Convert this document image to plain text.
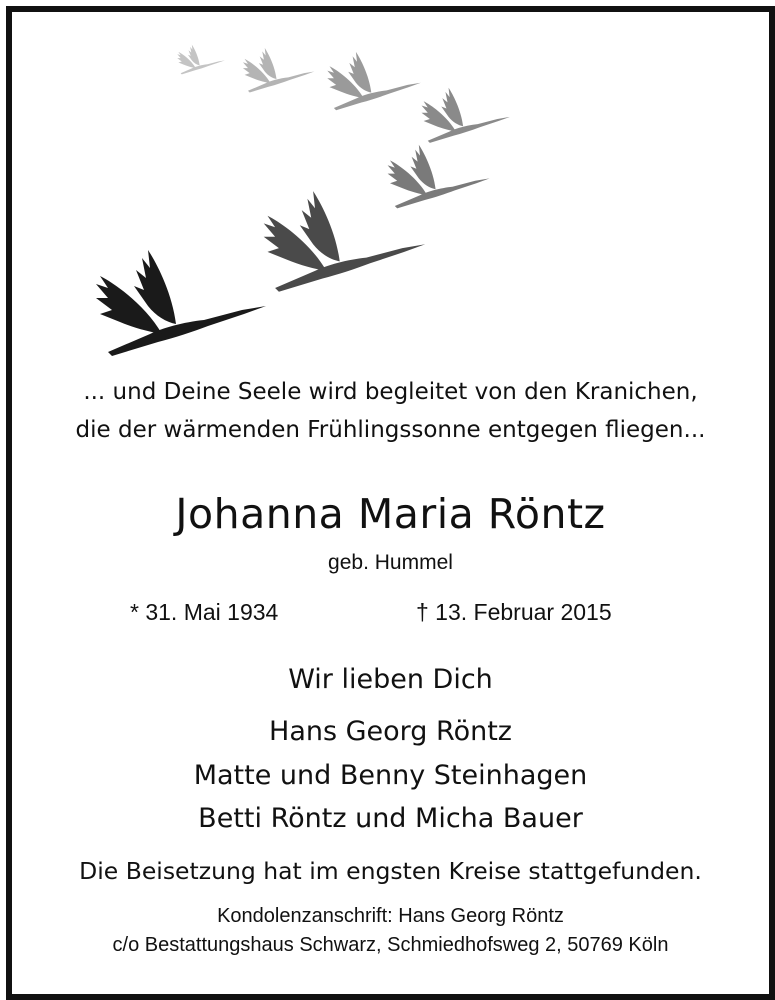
... und Deine Seele wird begleitet von den Kranichen,
die der wärmenden Frühlingssonne entgegen fliegen...
Johanna Maria Röntz
geb. Hummel
* 31. Mai 1934	† 13. Februar 2015
Wir lieben Dich
Hans Georg Röntz
Matte und Benny Steinhagen
Betti Röntz und Micha Bauer
Die Beisetzung hat im engsten Kreise stattgefunden.
Kondolenzanschrift: Hans Georg Röntz
c/o Bestattungshaus Schwarz, Schmiedhofsweg 2, 50769 Köln
